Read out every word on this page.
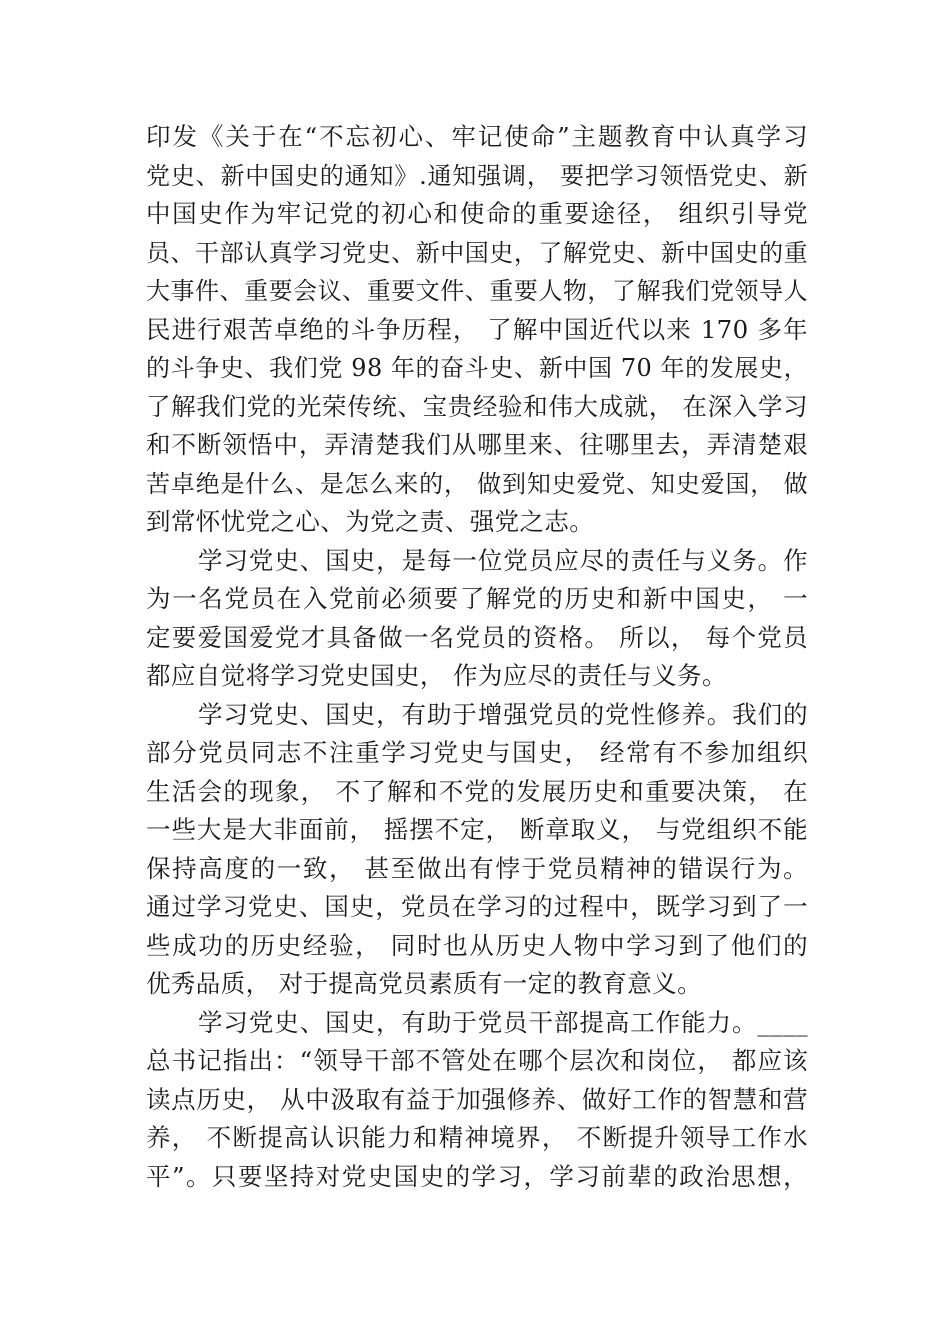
印发《关于在“不忘初心、牢记使命”主题教育中认真学习
党史、新中国史的通知》.通知强调， 要把学习领悟党史、新
中国史作为牢记党的初心和使命的重要途径， 组织引导党
员、干部认真学习党史、新中国史，了解党史、新中国史的重
大事件、重要会议、重要文件、重要人物，了解我们党领导人
民进行艰苦卓绝的斗争历程， 了解中国近代以来 170 多年
的斗争史、我们党 98 年的奋斗史、新中国 70 年的发展史，
了解我们党的光荣传统、宝贵经验和伟大成就， 在深入学习
和不断领悟中，弄清楚我们从哪里来、往哪里去，弄清楚艰
苦卓绝是什么、是怎么来的， 做到知史爱党、知史爱国， 做
到常怀忧党之心、为党之责、强党之志。
学习党史、国史，是每一位党员应尽的责任与义务。作
为一名党员在入党前必须要了解党的历史和新中国史， 一
定要爱国爱党才具备做一名党员的资格。 所以， 每个党员
都应自觉将学习党史国史， 作为应尽的责任与义务。
学习党史、国史，有助于增强党员的党性修养。我们的
部分党员同志不注重学习党史与国史， 经常有不参加组织
生活会的现象， 不了解和不党的发展历史和重要决策， 在
一些大是大非面前， 摇摆不定， 断章取义， 与党组织不能
保持高度的一致， 甚至做出有悖于党员精神的错误行为。
通过学习党史、国史，党员在学习的过程中，既学习到了一
些成功的历史经验， 同时也从历史人物中学习到了他们的
优秀品质， 对于提高党员素质有一定的教育意义。
学习党史、国史，有助于党员干部提高工作能力。____
总书记指出：“领导干部不管处在哪个层次和岗位， 都应该
读点历史， 从中汲取有益于加强修养、做好工作的智慧和营
养， 不断提高认识能力和精神境界， 不断提升领导工作水
平”。只要坚持对党史国史的学习，学习前辈的政治思想，
